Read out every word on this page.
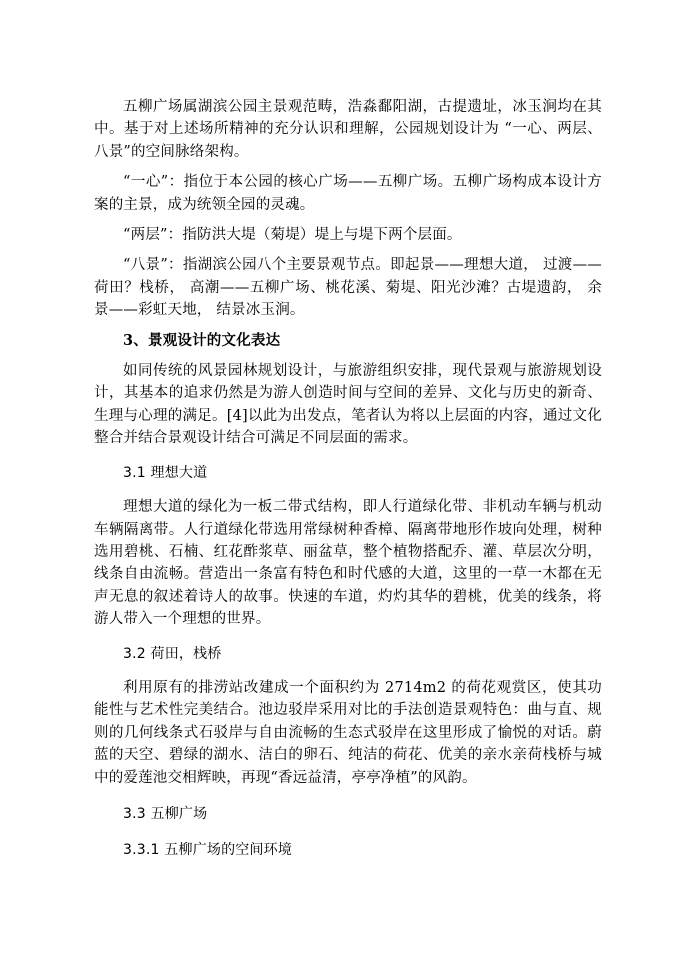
五柳广场属湖滨公园主景观范畴，浩淼鄱阳湖，古提遗址，冰玉涧均在其中。基于对上述场所精神的充分认识和理解，公园规划设计为 “一心、两层、八景”的空间脉络架构。

“一心”：指位于本公园的核心广场——五柳广场。五柳广场构成本设计方案的主景，成为统领全园的灵魂。

“两层”：指防洪大堤（菊堤）堤上与堤下两个层面。

“八景”：指湖滨公园八个主要景观节点。即起景——理想大道， 过渡——荷田？栈桥， 高潮——五柳广场、桃花溪、菊堤、阳光沙滩？古堤遗韵， 余景——彩虹天地， 结景冰玉涧。

3、景观设计的文化表达

如同传统的风景园林规划设计，与旅游组织安排，现代景观与旅游规划设计，其基本的追求仍然是为游人创造时间与空间的差异、文化与历史的新奇、生理与心理的满足。[4]以此为出发点，笔者认为将以上层面的内容，通过文化整合并结合景观设计结合可满足不同层面的需求。

3.1 理想大道

理想大道的绿化为一板二带式结构，即人行道绿化带、非机动车辆与机动车辆隔离带。人行道绿化带选用常绿树种香樟、隔离带地形作坡向处理，树种选用碧桃、石楠、红花酢浆草、丽盆草，整个植物搭配乔、灌、草层次分明，线条自由流畅。营造出一条富有特色和时代感的大道，这里的一草一木都在无声无息的叙述着诗人的故事。快速的车道，灼灼其华的碧桃，优美的线条，将游人带入一个理想的世界。

3.2 荷田，栈桥

利用原有的排涝站改建成一个面积约为 2714m2 的荷花观赏区，使其功能性与艺术性完美结合。池边驳岸采用对比的手法创造景观特色：曲与直、规则的几何线条式石驳岸与自由流畅的生态式驳岸在这里形成了愉悦的对话。蔚蓝的天空、碧绿的湖水、洁白的卵石、纯洁的荷花、优美的亲水亲荷栈桥与城中的爱莲池交相辉映，再现“香远益清，亭亭净植”的风韵。

3.3 五柳广场

3.3.1 五柳广场的空间环境
